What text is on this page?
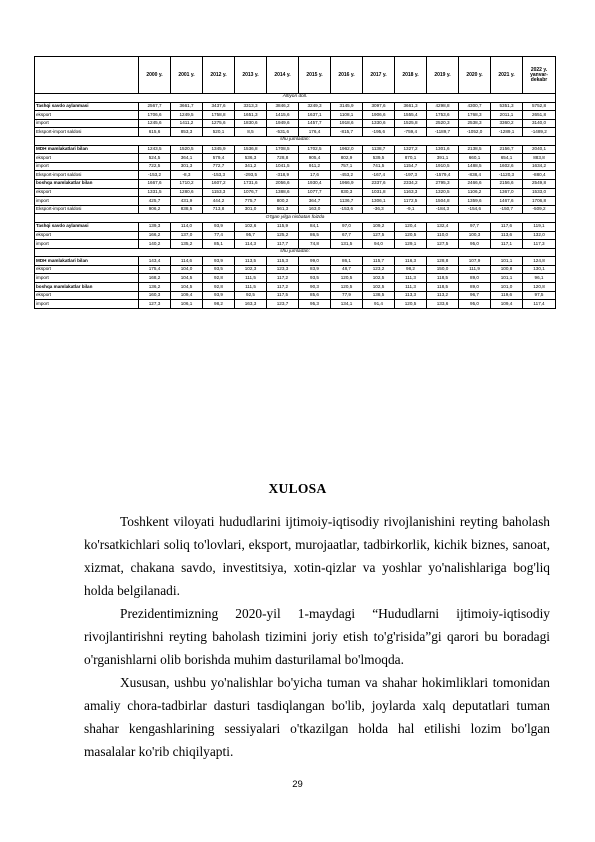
	2000 y.	2001 y.	2012 y.	2013 y.	2014 y.	2015 y.	2016 y.	2017 y.	2018 y.	2019 y.	2020 y.	2021 y.	2022 y. yanvar-dekabr
Alfiyon doll.													
Tashqi savdo aylanmasi	2567,7	3661,7	3437,6	3313,3	3846,2	3249,3	3145,9	3097,6	3661,3	4298,8	4300,7	5351,3	5752,8
eksport	1706,6	1249,5	1758,8	1651,3	1415,6	1637,1	1108,1	1906,6	1555,4	1753,6	1768,3	2011,1	2651,8
import	1245,6	1411,2	1275,6	1830,6	1949,6	1457,7	1918,6	1330,6	1525,8	2520,3	2538,3	3360,2	3140,0
Eksport-import saldosi	615,6	853,3	520,1	8,5	-531,6	176,4	-815,7	-195,6	-759,4	-1189,7	-1052,0	-1289,1	-1489,2
shu jumladan:													
MDH mamlakatlari bilan	1243,5	1520,5	1345,9	1536,8	1708,5	1702,5	1962,0	1138,7	1327,2	1301,6	2138,5	2156,7	2040,1
eksport	524,5	364,1	579,4	536,3	728,8	905,4	802,9	539,5	870,1	391,1	660,1	654,1	883,8
import	722,5	301,3	772,7	341,2	1041,5	911,2	757,1	741,5	1154,7	1910,5	1488,5	1602,6	1634,2
Eksport-import saldosi	-153,2	-8,3	-153,3	-293,5	-318,9	17,6	-453,2	-167,4	-197,3	-1579,4	-838,4	-1120,3	-880,4
boshqa mamlakatlar bilan	1667,6	1710,2	1607,2	1731,6	2056,6	1930,4	1966,9	2337,6	2334,2	2795,3	2466,6	2156,6	2549,8
eksport	1331,5	1280,6	1153,3	1076,7	1388,6	1077,7	830,3	1031,8	1163,3	1320,5	1106,2	1367,0	1533,0
import	425,7	431,9	444,2	775,7	800,2	364,7	1136,7	1306,1	1172,5	1504,8	1359,6	1467,6	1706,8
Eksport-import saldosi	906,2	838,5	713,8	301,0	561,3	163,0	-153,6	-36,3	-9,1	-184,3	-154,6	-150,7	-509,2
O'tgan yilga nisbatan foizda													
Tashqi savdo aylanmasi	139,3	114,0	93,9	102,6	115,9	84,1	97,0	109,2	120,4	132,4	97,7	117,6	119,1
eksport	166,2	137,0	77,4	95,7	125,2	86,5	67,7	127,5	120,5	110,0	100,3	113,6	132,0
import	140,2	135,2	85,1	114,3	117,7	74,8	131,5	94,0	129,1	127,5	95,0	117,1	117,3
shu jumladan:													
MDH mamlakatlari bilan	143,4	114,6	93,9	113,5	115,3	99,0	86,1	115,7	116,3	128,8	107,9	101,1	124,8
eksport	175,4	104,0	93,5	102,3	123,3	83,9	48,7	123,2	98,2	150,0	111,9	100,8	130,1
import	168,2	104,5	92,8	111,5	117,2	93,5	120,5	102,5	111,3	118,5	89,0	101,1	96,1
boshqa mamlakatlar bilan	136,2	104,5	92,8	111,5	117,2	90,3	120,5	102,5	111,3	118,5	89,0	101,0	120,8
eksport	160,3	109,4	93,9	92,5	117,5	85,6	77,9	138,5	113,3	113,2	96,7	119,6	97,5
import	127,3	106,1	98,2	163,3	123,7	95,3	134,1	91,4	120,5	133,6	95,0	109,4	117,4
XULOSA
Toshkent viloyati hududlarini ijtimoiy-iqtisodiy rivojlanishini reyting baholash ko'rsatkichlari soliq to'lovlari, eksport, murojaatlar, tadbirkorlik, kichik biznes, sanoat, xizmat, chakana savdo, investitsiya, xotin-qizlar va yoshlar yo'nalishlariga bog'liq holda belgilanadi.
Prezidentimizning 2020-yil 1-maydagi “Hududlarni ijtimoiy-iqtisodiy rivojlantirishni reyting baholash tizimini joriy etish to'g'risida”gi qarori bu boradagi o'rganishlarni olib borishda muhim dasturilamal bo'lmoqda.
Xususan, ushbu yo'nalishlar bo'yicha tuman va shahar hokimliklari tomonidan amaliy chora-tadbirlar dasturi tasdiqlangan bo'lib, joylarda xalq deputatlari tuman shahar kengashlarining sessiyalari o'tkazilgan holda hal etilishi lozim bo'lgan masalalar ko'rib chiqilyapti.
29
